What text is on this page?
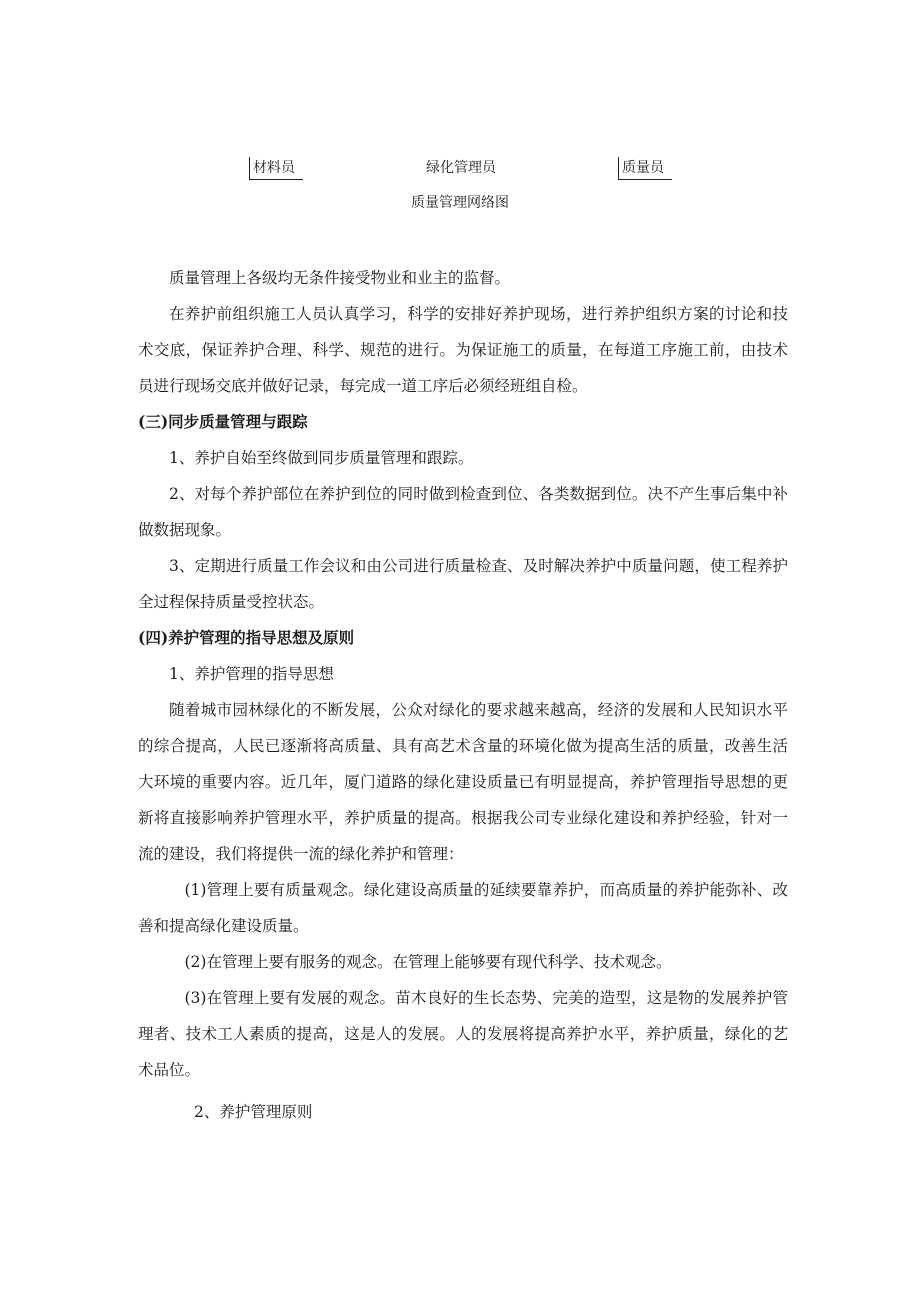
材料员	绿化管理员	质量员
质量管理网络图

质量管理上各级均无条件接受物业和业主的监督。

在养护前组织施工人员认真学习，科学的安排好养护现场，进行养护组织方案的讨论和技术交底，保证养护合理、科学、规范的进行。为保证施工的质量，在每道工序施工前，由技术员进行现场交底并做好记录，每完成一道工序后必须经班组自检。

(三)同步质量管理与跟踪

1、养护自始至终做到同步质量管理和跟踪。

2、对每个养护部位在养护到位的同时做到检查到位、各类数据到位。决不产生事后集中补做数据现象。

3、定期进行质量工作会议和由公司进行质量检查、及时解决养护中质量问题，使工程养护全过程保持质量受控状态。

(四)养护管理的指导思想及原则

1、养护管理的指导思想

随着城市园林绿化的不断发展，公众对绿化的要求越来越高，经济的发展和人民知识水平的综合提高，人民已逐渐将高质量、具有高艺术含量的环境化做为提高生活的质量，改善生活大环境的重要内容。近几年，厦门道路的绿化建设质量已有明显提高，养护管理指导思想的更新将直接影响养护管理水平，养护质量的提高。根据我公司专业绿化建设和养护经验，针对一流的建设，我们将提供一流的绿化养护和管理：

(1)管理上要有质量观念。绿化建设高质量的延续要靠养护，而高质量的养护能弥补、改善和提高绿化建设质量。

(2)在管理上要有服务的观念。在管理上能够要有现代科学、技术观念。

(3)在管理上要有发展的观念。苗木良好的生长态势、完美的造型，这是物的发展养护管理者、技术工人素质的提高，这是人的发展。人的发展将提高养护水平，养护质量，绿化的艺术品位。

2、养护管理原则
